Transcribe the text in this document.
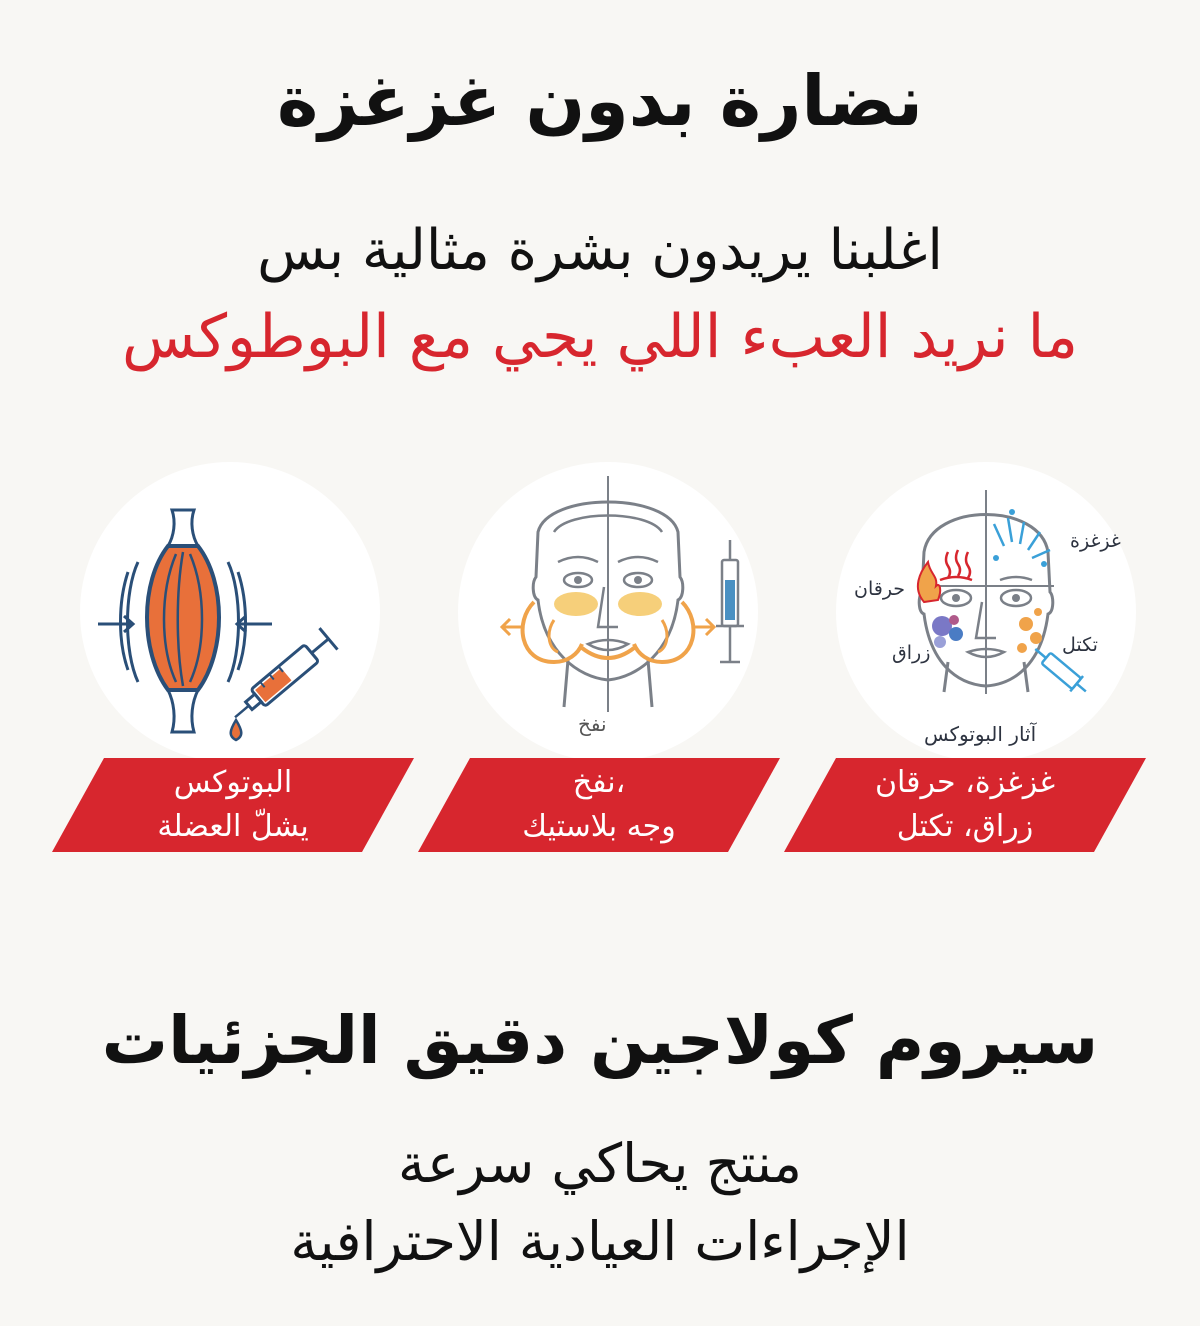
نضارة بدون غزغزة
اغلبنا يريدون بشرة مثالية بس
ما نريد العبء اللي يجي مع البوطوكس
نفخ
غزغزة
حرقان
زراق	تكتل
آثار البوتوكس
البوتوكس
يشلّ العضلة
،نفخ
وجه بلاستيك
غزغزة، حرقان
زراق، تكتل
سيروم كولاجين دقيق الجزئيات
منتج يحاكي سرعة
الإجراءات العيادية الاحترافية
